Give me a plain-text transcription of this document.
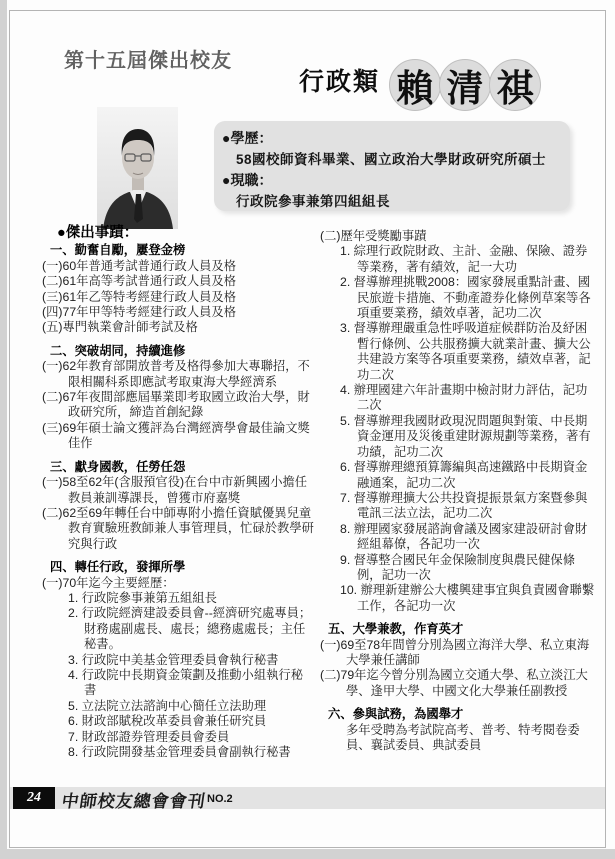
第十五屆傑出校友
行政類 賴 清 祺
●學歷：
58國校師資科畢業、國立政治大學財政研究所碩士
●現職：
行政院參事兼第四組組長
●傑出事蹟：
一、勤奮自勵，屢登金榜
(一)60年普通考試普通行政人員及格
(二)61年高等考試普通行政人員及格
(三)61年乙等特考經建行政人員及格
(四)77年甲等特考經建行政人員及格
(五)專門執業會計師考試及格
二、突破胡同，持續進修
(一)62年教育部開放普考及格得參加大專聯招，不限相關科系即應試考取東海大學經濟系
(二)67年夜間部應屆畢業即考取國立政治大學，財政研究所，締造首創紀錄
(三)69年碩士論文獲評為台灣經濟學會最佳論文獎佳作
三、獻身國教，任勞任怨
(一)58至62年(含服預官役)在台中市新興國小擔任教員兼訓導課長，曾獲市府嘉獎
(二)62至69年轉任台中師專附小擔任資賦優異兒童教育實驗班教師兼人事管理員，忙碌於教學研究與行政
四、轉任行政，發揮所學
(一)70年迄今主要經歷：
1. 行政院參事兼第五組組長
2. 行政院經濟建設委員會--經濟研究處專員；財務處副處長、處長；總務處處長；主任秘書。
3. 行政院中美基金管理委員會執行秘書
4. 行政院中長期資金策劃及推動小組執行秘書
5. 立法院立法諮詢中心簡任立法助理
6. 財政部賦稅改革委員會兼任研究員
7. 財政部證券管理委員會委員
8. 行政院開發基金管理委員會副執行秘書
(二)歷年受獎勵事蹟
1. 綜理行政院財政、主計、金融、保險、證券等業務，著有績效，記一大功
2. 督導辦理挑戰2008：國家發展重點計畫、國民旅遊卡措施、不動產證券化條例草案等各項重要業務，績效卓著，記功二次
3. 督導辦理嚴重急性呼吸道症候群防治及紓困暫行條例、公共服務擴大就業計畫、擴大公共建設方案等各項重要業務，績效卓著，記功二次
4. 辦理國建六年計畫期中檢討財力評估，記功二次
5. 督導辦理我國財政現況問題與對策、中長期資金運用及災後重建財源規劃等業務，著有功績，記功二次
6. 督導辦理總預算籌編與高速鐵路中長期資金融通案，記功二次
7. 督導辦理擴大公共投資提振景氣方案暨參與電訊三法立法，記功二次
8. 辦理國家發展諮詢會議及國家建設研討會財經組幕僚，各記功一次
9. 督導整合國民年金保險制度與農民健保條例，記功一次
10. 辦理新建辦公大樓興建事宜與負責國會聯繫工作，各記功一次
五、大學兼教，作育英才
(一)69至78年間曾分別為國立海洋大學、私立東海大學兼任講師
(二)79年迄今曾分別為國立交通大學、私立淡江大學、逢甲大學、中國文化大學兼任副教授
六、參與試務，為國舉才
多年受聘為考試院高考、普考、特考閱卷委員、襄試委員、典試委員
24	中師校友總會會刊 NO.2
